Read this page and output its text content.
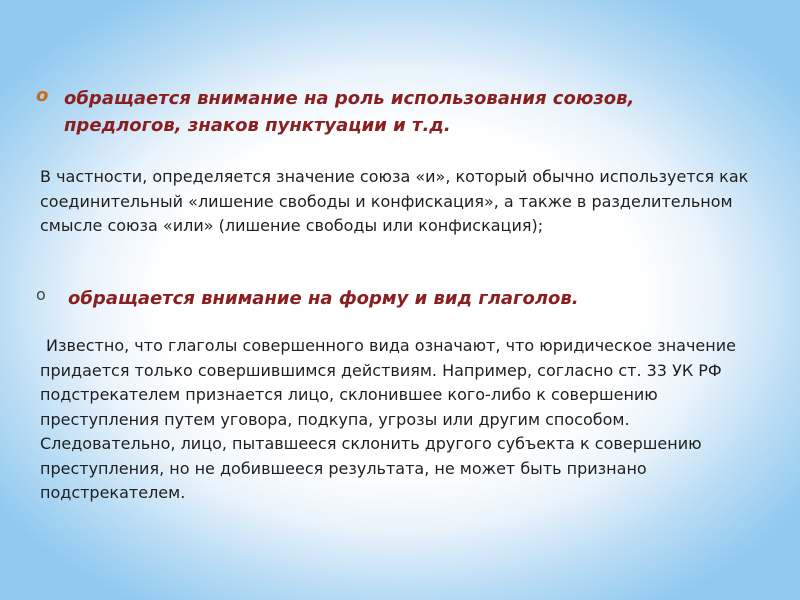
o обращается внимание на роль использования союзов, предлогов, знаков пунктуации и т.д.
В частности, определяется значение союза «и», который обычно используется как соединительный «лишение свободы и конфискация», а также в разделительном смысле союза «или» (лишение свободы или конфискация);
o обращается внимание на форму и вид глаголов.
Известно, что глаголы совершенного вида означают, что юридическое значение придается только совершившимся действиям. Например, согласно ст. 33 УК РФ подстрекателем признается лицо, склонившее кого-либо к совершению преступления путем уговора, подкупа, угрозы или другим способом. Следовательно, лицо, пытавшееся склонить другого субъекта к совершению преступления, но не добившееся результата, не может быть признано подстрекателем.
